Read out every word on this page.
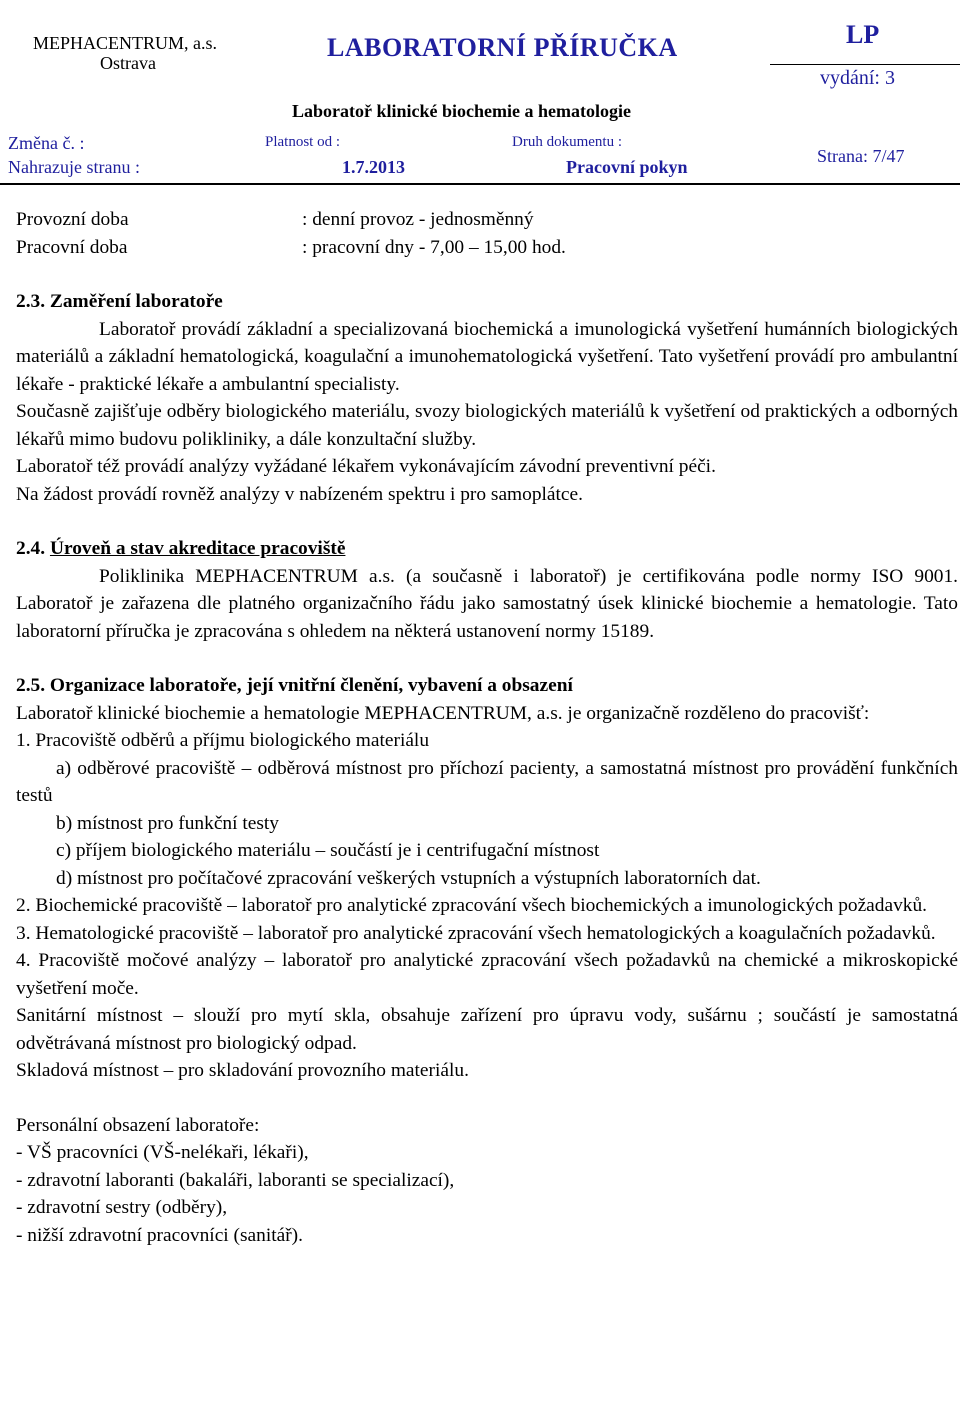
MEPHACENTRUM, a.s.
Ostrava
LABORATORNÍ PŘÍRUČKA	LP
vydání: 3
Laboratoř klinické biochemie a hematologie
Změna č. :
Nahrazuje stranu :
Platnost od :
1.7.2013
Druh dokumentu :
Pracovní pokyn
Strana: 7/47
Provozní doba	: denní provoz - jednosměnný
Pracovní doba	: pracovní dny - 7,00 – 15,00 hod.

2.3. Zaměření laboratoře

Laboratoř provádí základní a specializovaná biochemická a imunologická vyšetření humánních biologických materiálů a základní hematologická, koagulační a imunohematologická vyšetření. Tato vyšetření provádí pro ambulantní lékaře - praktické lékaře a ambulantní specialisty.

Současně zajišťuje odběry biologického materiálu, svozy biologických materiálů k vyšetření od praktických a odborných lékařů mimo budovu polikliniky, a dále konzultační služby.

Laboratoř též provádí analýzy vyžádané lékařem vykonávajícím závodní preventivní péči.

Na žádost provádí rovněž analýzy v nabízeném spektru i pro samoplátce.

2.4. Úroveň a stav akreditace pracoviště

Poliklinika MEPHACENTRUM a.s. (a současně i laboratoř) je certifikována podle normy ISO 9001. Laboratoř je zařazena dle platného organizačního řádu jako samostatný úsek klinické biochemie a hematologie. Tato laboratorní příručka je zpracována s ohledem na některá ustanovení normy 15189.

2.5. Organizace laboratoře, její vnitřní členění, vybavení a obsazení

Laboratoř klinické biochemie a hematologie MEPHACENTRUM, a.s. je organizačně rozděleno do pracovišť:

1. Pracoviště odběrů a příjmu biologického materiálu

a) odběrové pracoviště – odběrová místnost pro příchozí pacienty, a samostatná místnost pro provádění funkčních testů

b) místnost pro funkční testy

c) příjem biologického materiálu – součástí je i centrifugační místnost

d) místnost pro počítačové zpracování veškerých vstupních a výstupních laboratorních dat.

2. Biochemické pracoviště – laboratoř pro analytické zpracování všech biochemických a imunologických požadavků.

3. Hematologické pracoviště – laboratoř pro analytické zpracování všech hematologických a koagulačních požadavků.

4. Pracoviště močové analýzy – laboratoř pro analytické zpracování všech požadavků na chemické a mikroskopické vyšetření moče.

Sanitární místnost – slouží pro mytí skla, obsahuje zařízení pro úpravu vody, sušárnu ; součástí je samostatná odvětrávaná místnost pro biologický odpad.

Skladová místnost – pro skladování provozního materiálu.

Personální obsazení laboratoře:

- VŠ pracovníci (VŠ-nelékaři, lékaři),

- zdravotní laboranti (bakaláři, laboranti se specializací),

- zdravotní sestry (odběry),

- nižší zdravotní pracovníci (sanitář).
